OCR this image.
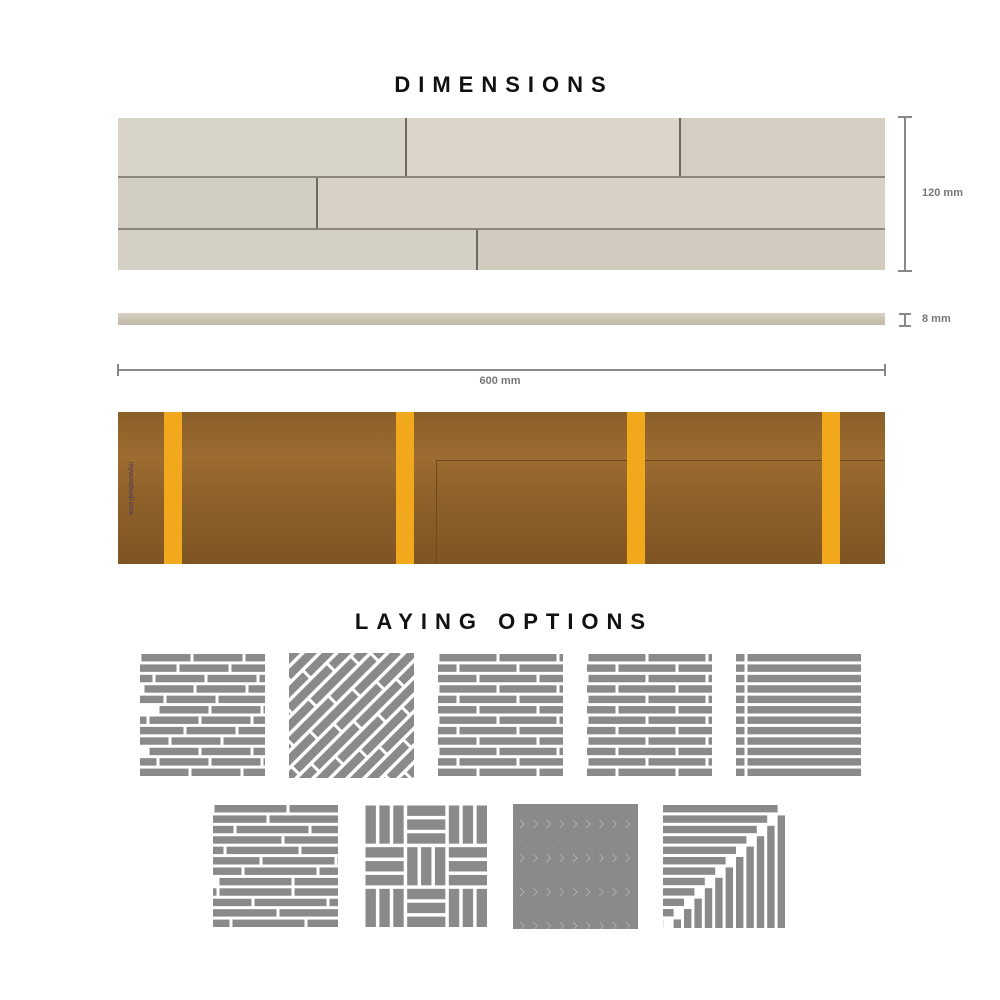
DIMENSIONS
120 mm
8 mm
600 mm
mywoodwall.com
LAYING OPTIONS
